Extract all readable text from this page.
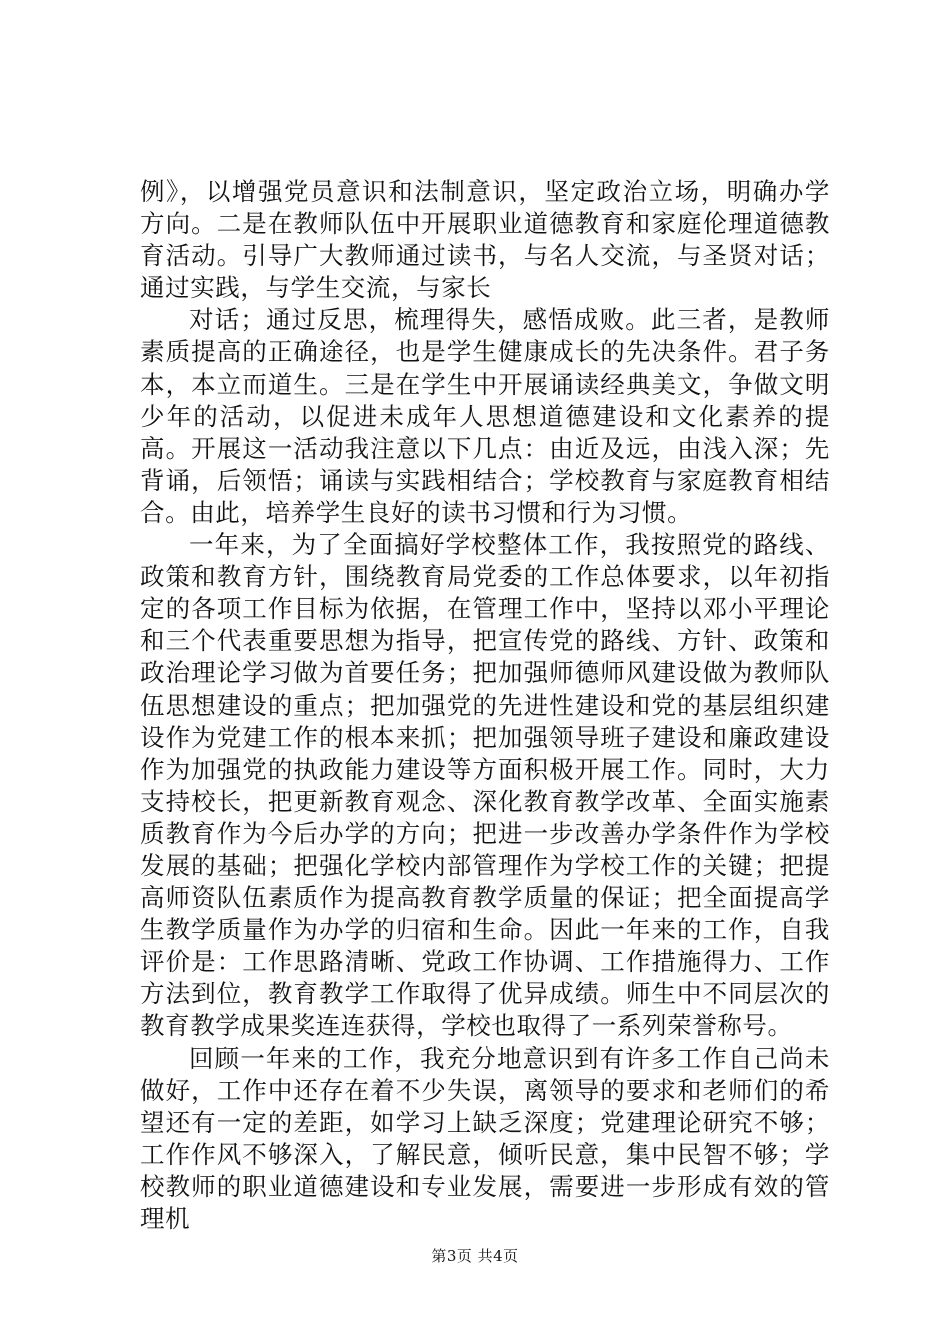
例》，以增强党员意识和法制意识，坚定政治立场，明确办学方向。二是在教师队伍中开展职业道德教育和家庭伦理道德教育活动。引导广大教师通过读书，与名人交流，与圣贤对话；通过实践，与学生交流，与家长

对话；通过反思，梳理得失，感悟成败。此三者，是教师素质提高的正确途径，也是学生健康成长的先决条件。君子务本，本立而道生。三是在学生中开展诵读经典美文，争做文明少年的活动，以促进未成年人思想道德建设和文化素养的提高。开展这一活动我注意以下几点：由近及远，由浅入深；先背诵，后领悟；诵读与实践相结合；学校教育与家庭教育相结合。由此，培养学生良好的读书习惯和行为习惯。

一年来，为了全面搞好学校整体工作，我按照党的路线、政策和教育方针，围绕教育局党委的工作总体要求，以年初指定的各项工作目标为依据，在管理工作中，坚持以邓小平理论和三个代表重要思想为指导，把宣传党的路线、方针、政策和政治理论学习做为首要任务；把加强师德师风建设做为教师队伍思想建设的重点；把加强党的先进性建设和党的基层组织建设作为党建工作的根本来抓；把加强领导班子建设和廉政建设作为加强党的执政能力建设等方面积极开展工作。同时，大力支持校长，把更新教育观念、深化教育教学改革、全面实施素质教育作为今后办学的方向；把进一步改善办学条件作为学校发展的基础；把强化学校内部管理作为学校工作的关键；把提高师资队伍素质作为提高教育教学质量的保证；把全面提高学生教学质量作为办学的归宿和生命。因此一年来的工作，自我评价是：工作思路清晰、党政工作协调、工作措施得力、工作方法到位，教育教学工作取得了优异成绩。师生中不同层次的教育教学成果奖连连获得，学校也取得了一系列荣誉称号。

回顾一年来的工作，我充分地意识到有许多工作自己尚未做好，工作中还存在着不少失误，离领导的要求和老师们的希望还有一定的差距，如学习上缺乏深度；党建理论研究不够；工作作风不够深入，了解民意，倾听民意，集中民智不够；学校教师的职业道德建设和专业发展，需要进一步形成有效的管理机

第3页 共4页
